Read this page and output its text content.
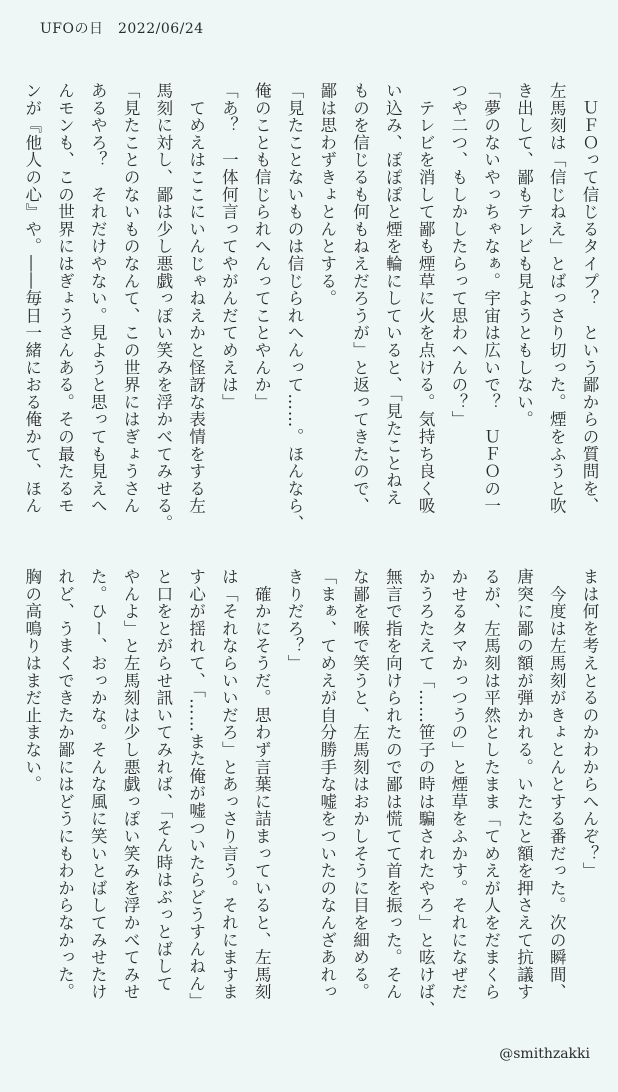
UFOの日　2022/06/24
　ＵＦＯって信じるタイプ？　という鄙からの質問を、
左馬刻は「信じねえ」とばっさり切った。煙をふうと吹
き出して、鄙もテレビも見ようともしない。
「夢のないやっちゃなぁ。宇宙は広いで？　ＵＦＯの一
つや二つ、もしかしたらって思わへんの？」
　テレビを消して鄙も煙草に火を点ける。気持ち良く吸
い込み、ぽぽぽと煙を輪にしていると、「見たことねえ
ものを信じるも何もねえだろうが」と返ってきたので、
鄙は思わずきょとんとする。
「見たことないものは信じられへんって……。ほんなら、
俺のことも信じられへんってことやんか」
「あ？　一体何言ってやがんだてめえは」
　てめえはここにいんじゃねえかと怪訝な表情をする左
馬刻に対し、鄙は少し悪戯っぽい笑みを浮かべてみせる。
「見たことのないものなんて、この世界にはぎょうさん
あるやろ？　それだけやない。見ようと思っても見えへ
んモンも、この世界にはぎょうさんある。その最たるモ
ンが『他人の心』や。――毎日一緒におる俺かて、ほん
まは何を考えとるのかわからへんぞ？」
　今度は左馬刻がきょとんとする番だった。次の瞬間、
唐突に鄙の額が弾かれる。いたたと額を押さえて抗議す
るが、左馬刻は平然としたまま「てめえが人をだまくら
かせるタマかっつうの」と煙草をふかす。それになぜだ
かうろたえて「……笹子の時は騙されたやろ」と呟けば、
無言で指を向けられたので鄙は慌てて首を振った。そん
な鄙を喉で笑うと、左馬刻はおかしそうに目を細める。
「まぁ、てめえが自分勝手な嘘をついたのなんざあれっ
きりだろ？」
　確かにそうだ。思わず言葉に詰まっていると、左馬刻
は「それならいいだろ」とあっさり言う。それにますま
す心が揺れて、「……また俺が嘘ついたらどうすんねん」
と口をとがらせ訊いてみれば、「そん時はぶっとばして
やんよ」と左馬刻は少し悪戯っぽい笑みを浮かべてみせ
た。ひー、おっかな。そんな風に笑いとばしてみせたけ
れど、うまくできたか鄙にはどうにもわからなかった。
胸の高鳴りはまだ止まない。
@smithzakki
